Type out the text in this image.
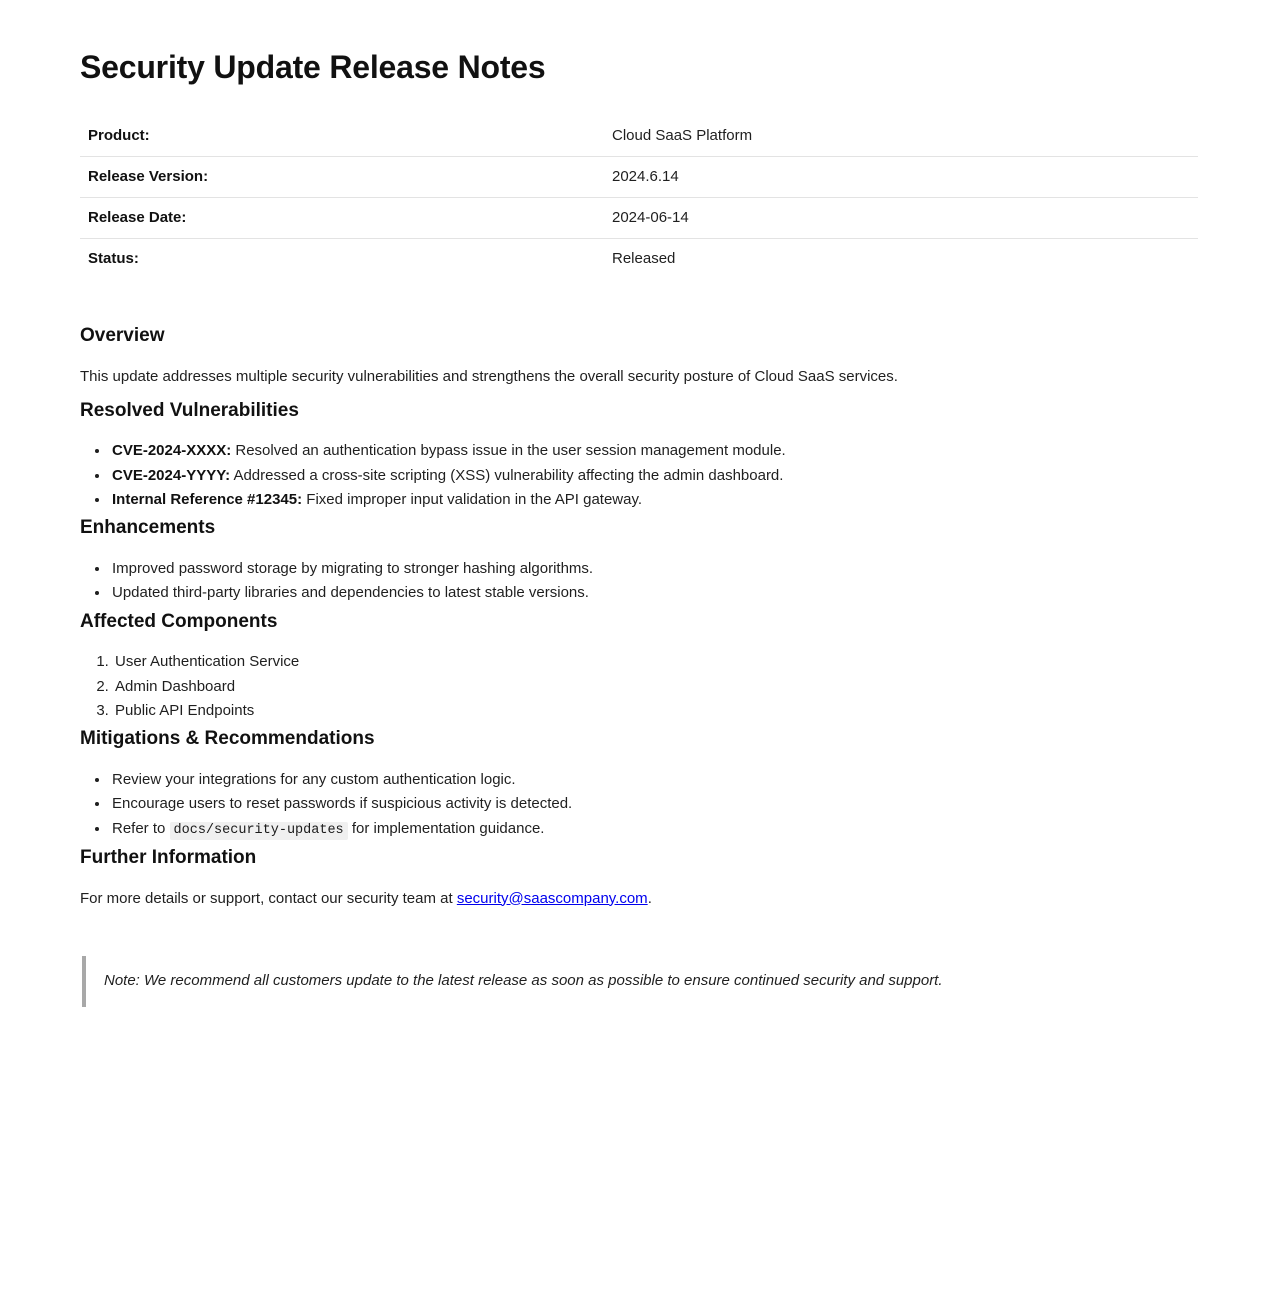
Security Update Release Notes
Product:	Cloud SaaS Platform
Release Version:	2024.6.14
Release Date:	2024-06-14
Status:	Released
Overview

This update addresses multiple security vulnerabilities and strengthens the overall security posture of Cloud SaaS services.

Resolved Vulnerabilities
• CVE-2024-XXXX: Resolved an authentication bypass issue in the user session management module.
• CVE-2024-YYYY: Addressed a cross-site scripting (XSS) vulnerability affecting the admin dashboard.
• Internal Reference #12345: Fixed improper input validation in the API gateway.
Enhancements
• Improved password storage by migrating to stronger hashing algorithms.
• Updated third-party libraries and dependencies to latest stable versions.
Affected Components
1. User Authentication Service
2. Admin Dashboard
3. Public API Endpoints
Mitigations & Recommendations
• Review your integrations for any custom authentication logic.
• Encourage users to reset passwords if suspicious activity is detected.
• Refer to docs/security-updates for implementation guidance.
Further Information

For more details or support, contact our security team at security@saascompany.com.

Note: We recommend all customers update to the latest release as soon as possible to ensure continued security and support.
